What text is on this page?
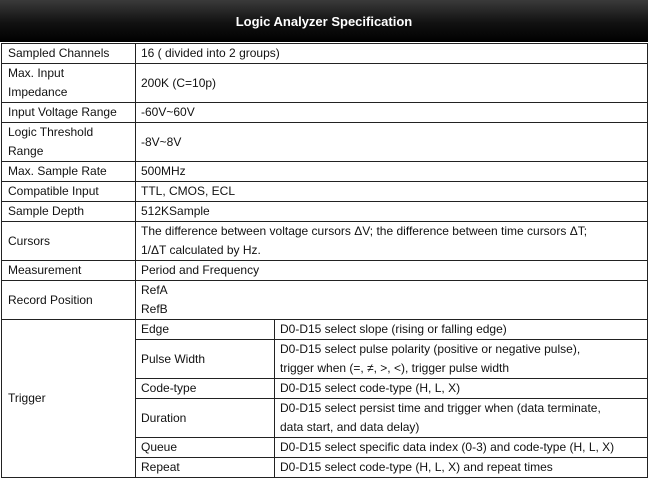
Logic Analyzer Specification
Sampled Channels	16 ( divided into 2 groups)	

Max. Input
Impedance	200K (C=10p)	
Input Voltage Range	-60V~60V	

Logic Threshold
Range	-8V~8V	
Max. Sample Rate	500MHz	
Compatible Input	TTL, CMOS, ECL	
Sample Depth	512KSample	
Cursors	The difference between voltage cursors ΔV; the difference between time cursors ΔT;
1/ΔT calculated by Hz.	

Measurement	Period and Frequency	
Record Position	RefA
RefB	

Trigger	Edge	D0-D15 select slope (rising or falling edge)
	Pulse Width	D0-D15 select pulse polarity (positive or negative pulse),
trigger when (=, ≠, >, <), trigger pulse width

	Code-type	D0-D15 select code-type (H, L, X)
	Duration	D0-D15 select persist time and trigger when (data terminate,
data start, and data delay)

	Queue	D0-D15 select specific data index (0-3) and code-type (H, L, X)
	Repeat	D0-D15 select code-type (H, L, X) and repeat times
